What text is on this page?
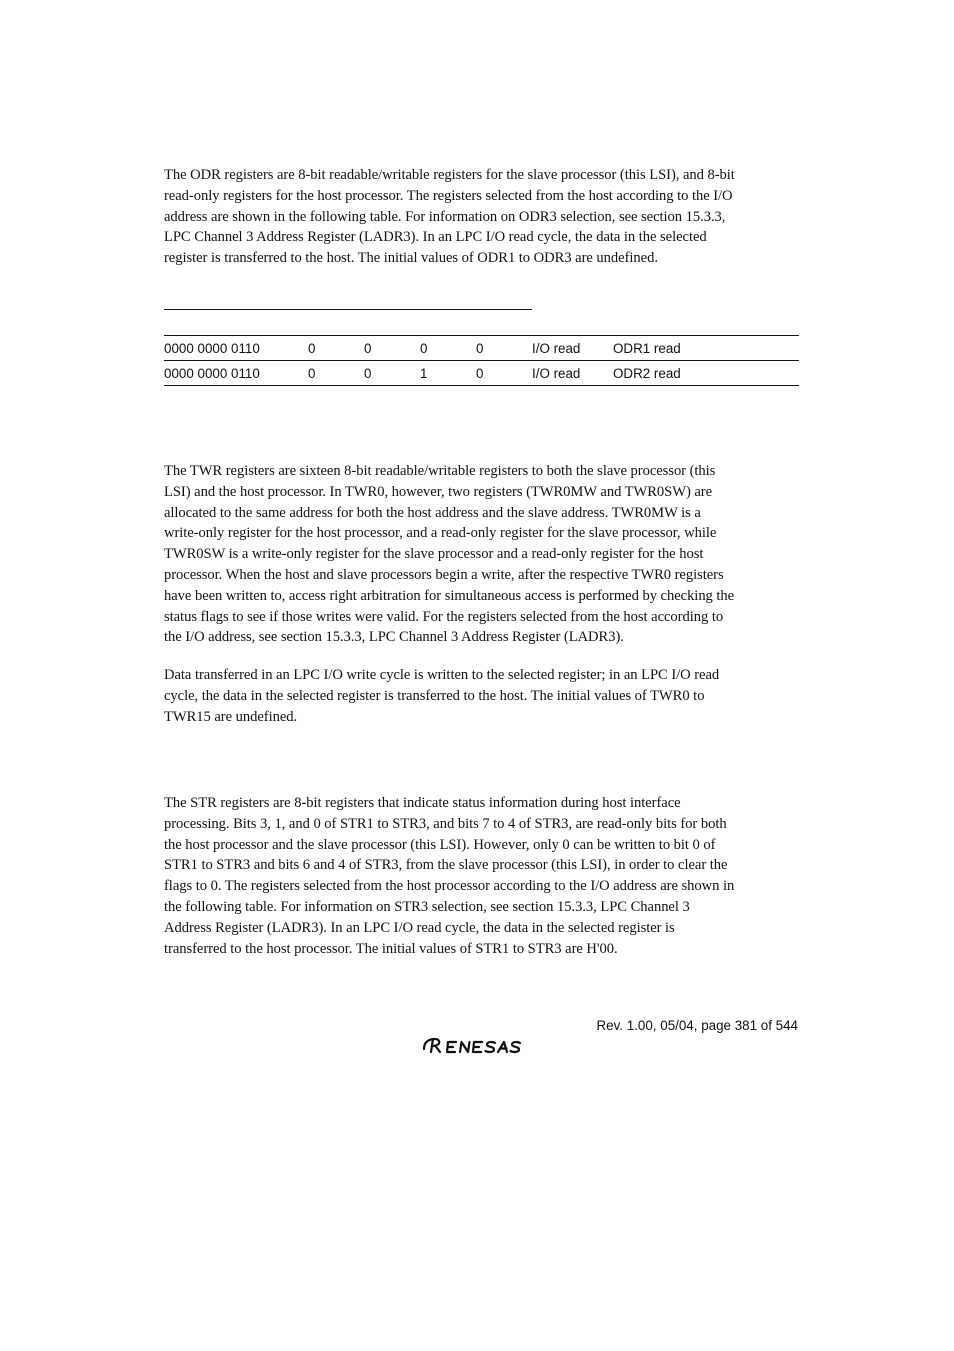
The ODR registers are 8-bit readable/writable registers for the slave processor (this LSI), and 8-bit
read-only registers for the host processor. The registers selected from the host according to the I/O
address are shown in the following table. For information on ODR3 selection, see section 15.3.3,
LPC Channel 3 Address Register (LADR3). In an LPC I/O read cycle, the data in the selected
register is transferred to the host. The initial values of ODR1 to ODR3 are undefined.

0000 0000 0110	0	0	0	0	I/O read	ODR1 read
0000 0000 0110	0	0	1	0	I/O read	ODR2 read

The TWR registers are sixteen 8-bit readable/writable registers to both the slave processor (this
LSI) and the host processor. In TWR0, however, two registers (TWR0MW and TWR0SW) are
allocated to the same address for both the host address and the slave address. TWR0MW is a
write-only register for the host processor, and a read-only register for the slave processor, while
TWR0SW is a write-only register for the slave processor and a read-only register for the host
processor. When the host and slave processors begin a write, after the respective TWR0 registers
have been written to, access right arbitration for simultaneous access is performed by checking the
status flags to see if those writes were valid. For the registers selected from the host according to
the I/O address, see section 15.3.3, LPC Channel 3 Address Register (LADR3).

Data transferred in an LPC I/O write cycle is written to the selected register; in an LPC I/O read
cycle, the data in the selected register is transferred to the host. The initial values of TWR0 to
TWR15 are undefined.

The STR registers are 8-bit registers that indicate status information during host interface
processing. Bits 3, 1, and 0 of STR1 to STR3, and bits 7 to 4 of STR3, are read-only bits for both
the host processor and the slave processor (this LSI). However, only 0 can be written to bit 0 of
STR1 to STR3 and bits 6 and 4 of STR3, from the slave processor (this LSI), in order to clear the
flags to 0. The registers selected from the host processor according to the I/O address are shown in
the following table. For information on STR3 selection, see section 15.3.3, LPC Channel 3
Address Register (LADR3). In an LPC I/O read cycle, the data in the selected register is
transferred to the host processor. The initial values of STR1 to STR3 are H'00.

Rev. 1.00, 05/04, page 381 of 544
